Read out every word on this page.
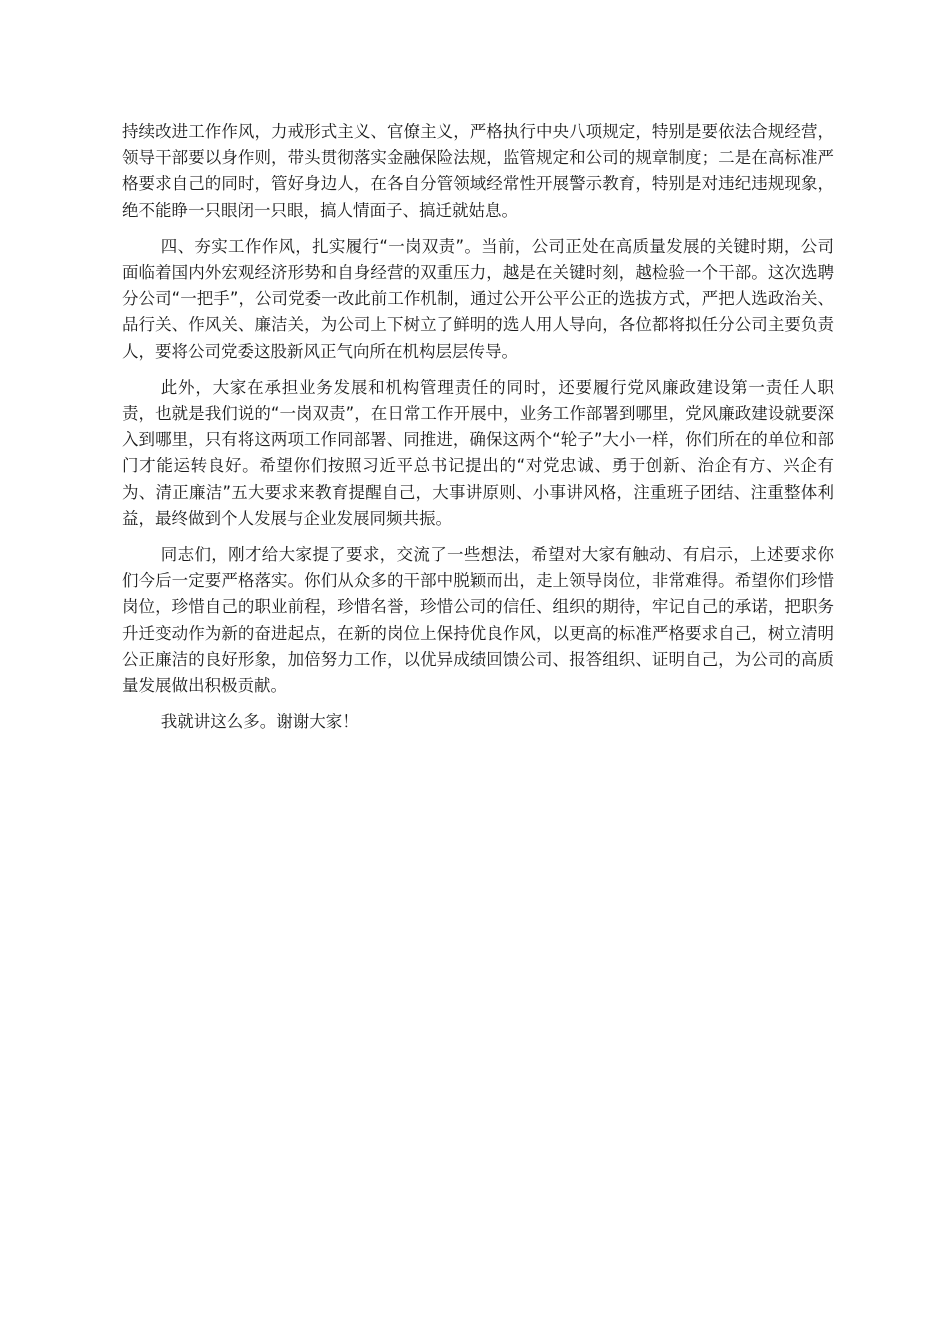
持续改进工作作风，力戒形式主义、官僚主义，严格执行中央八项规定，特别是要依法合规经营，领导干部要以身作则，带头贯彻落实金融保险法规，监管规定和公司的规章制度；二是在高标准严格要求自己的同时，管好身边人，在各自分管领域经常性开展警示教育，特别是对违纪违规现象，绝不能睁一只眼闭一只眼，搞人情面子、搞迁就姑息。

四、夯实工作作风，扎实履行“一岗双责”。当前，公司正处在高质量发展的关键时期，公司面临着国内外宏观经济形势和自身经营的双重压力，越是在关键时刻，越检验一个干部。这次选聘分公司“一把手”，公司党委一改此前工作机制，通过公开公平公正的选拔方式，严把人选政治关、品行关、作风关、廉洁关，为公司上下树立了鲜明的选人用人导向，各位都将拟任分公司主要负责人，要将公司党委这股新风正气向所在机构层层传导。

此外，大家在承担业务发展和机构管理责任的同时，还要履行党风廉政建设第一责任人职责，也就是我们说的“一岗双责”，在日常工作开展中，业务工作部署到哪里，党风廉政建设就要深入到哪里，只有将这两项工作同部署、同推进，确保这两个“轮子”大小一样，你们所在的单位和部门才能运转良好。希望你们按照习近平总书记提出的“对党忠诚、勇于创新、治企有方、兴企有为、清正廉洁”五大要求来教育提醒自己，大事讲原则、小事讲风格，注重班子团结、注重整体利益，最终做到个人发展与企业发展同频共振。

同志们，刚才给大家提了要求，交流了一些想法，希望对大家有触动、有启示，上述要求你们今后一定要严格落实。你们从众多的干部中脱颖而出，走上领导岗位，非常难得。希望你们珍惜岗位，珍惜自己的职业前程，珍惜名誉，珍惜公司的信任、组织的期待，牢记自己的承诺，把职务升迁变动作为新的奋进起点，在新的岗位上保持优良作风，以更高的标准严格要求自己，树立清明公正廉洁的良好形象，加倍努力工作，以优异成绩回馈公司、报答组织、证明自己，为公司的高质量发展做出积极贡献。

我就讲这么多。谢谢大家！
